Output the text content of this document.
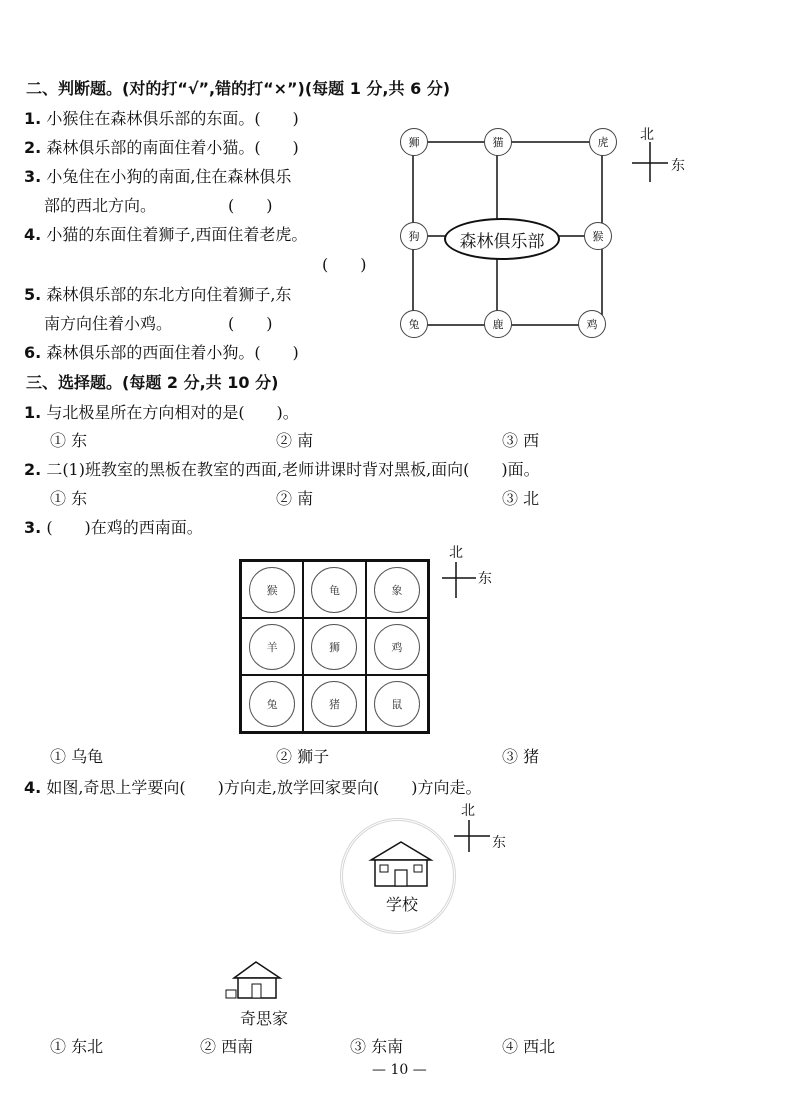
二、判断题。(对的打“√”,错的打“×”)(每题 1 分,共 6 分)
1. 小猴住在森林俱乐部的东面。(　　)
2. 森林俱乐部的南面住着小猫。(　　)
3. 小兔住在小狗的南面,住在森林俱乐
部的西北方向。　　　　　(　　)
4. 小猫的东面住着狮子,西面住着老虎。
(　　)
5. 森林俱乐部的东北方向住着狮子,东
南方向住着小鸡。　　　　(　　)
6. 森林俱乐部的西面住着小狗。(　　)
森林俱乐部
狮	猫	虎
狗	猴
兔	鹿	鸡
北
东
三、选择题。(每题 2 分,共 10 分)
1. 与北极星所在方向相对的是(　　)。
① 东	② 南	③ 西
2. 二(1)班教室的黑板在教室的西面,老师讲课时背对黑板,面向(　　)面。
① 东	② 南	③ 北
3. (　　)在鸡的西南面。
猴	龟	象
羊	狮	鸡
兔	猪	鼠
北
东
① 乌龟	② 狮子	③ 猪
4. 如图,奇思上学要向(　　)方向走,放学回家要向(　　)方向走。
北
东
学校
奇思家
① 东北	② 西南	③ 东南	④ 西北
— 10 —
